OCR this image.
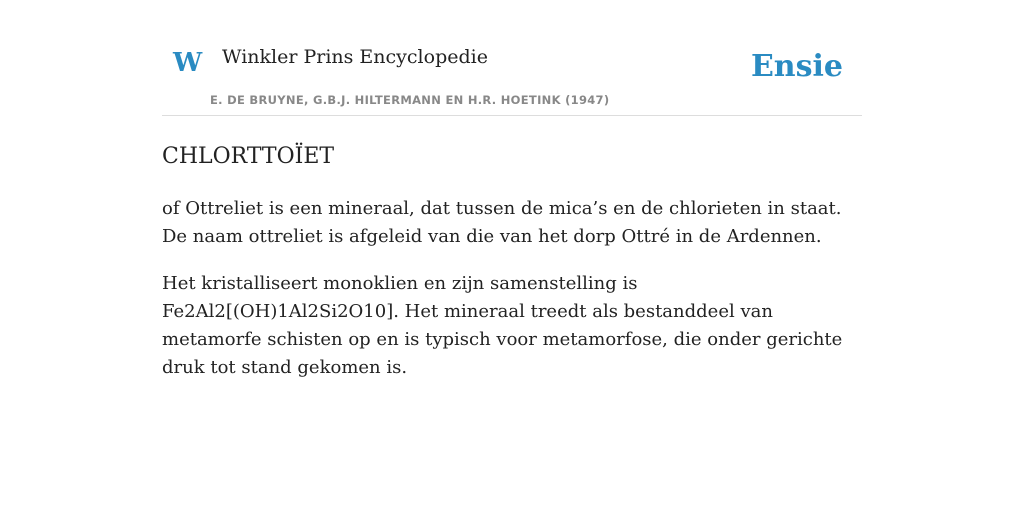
W Winkler Prins Encyclopedie
E. DE BRUYNE, G.B.J. HILTERMANN EN H.R. HOETINK (1947)
Ensie
CHLORTTOÏET

of Ottreliet is een mineraal, dat tussen de mica’s en de chlorieten in staat. De naam ottreliet is afgeleid van die van het dorp Ottré in de Ardennen.

Het kristalliseert monoklien en zijn samenstelling is Fe2Al2[(OH)1Al2Si2O10]. Het mineraal treedt als bestanddeel van metamorfe schisten op en is typisch voor metamorfose, die onder gerichte druk tot stand gekomen is.
